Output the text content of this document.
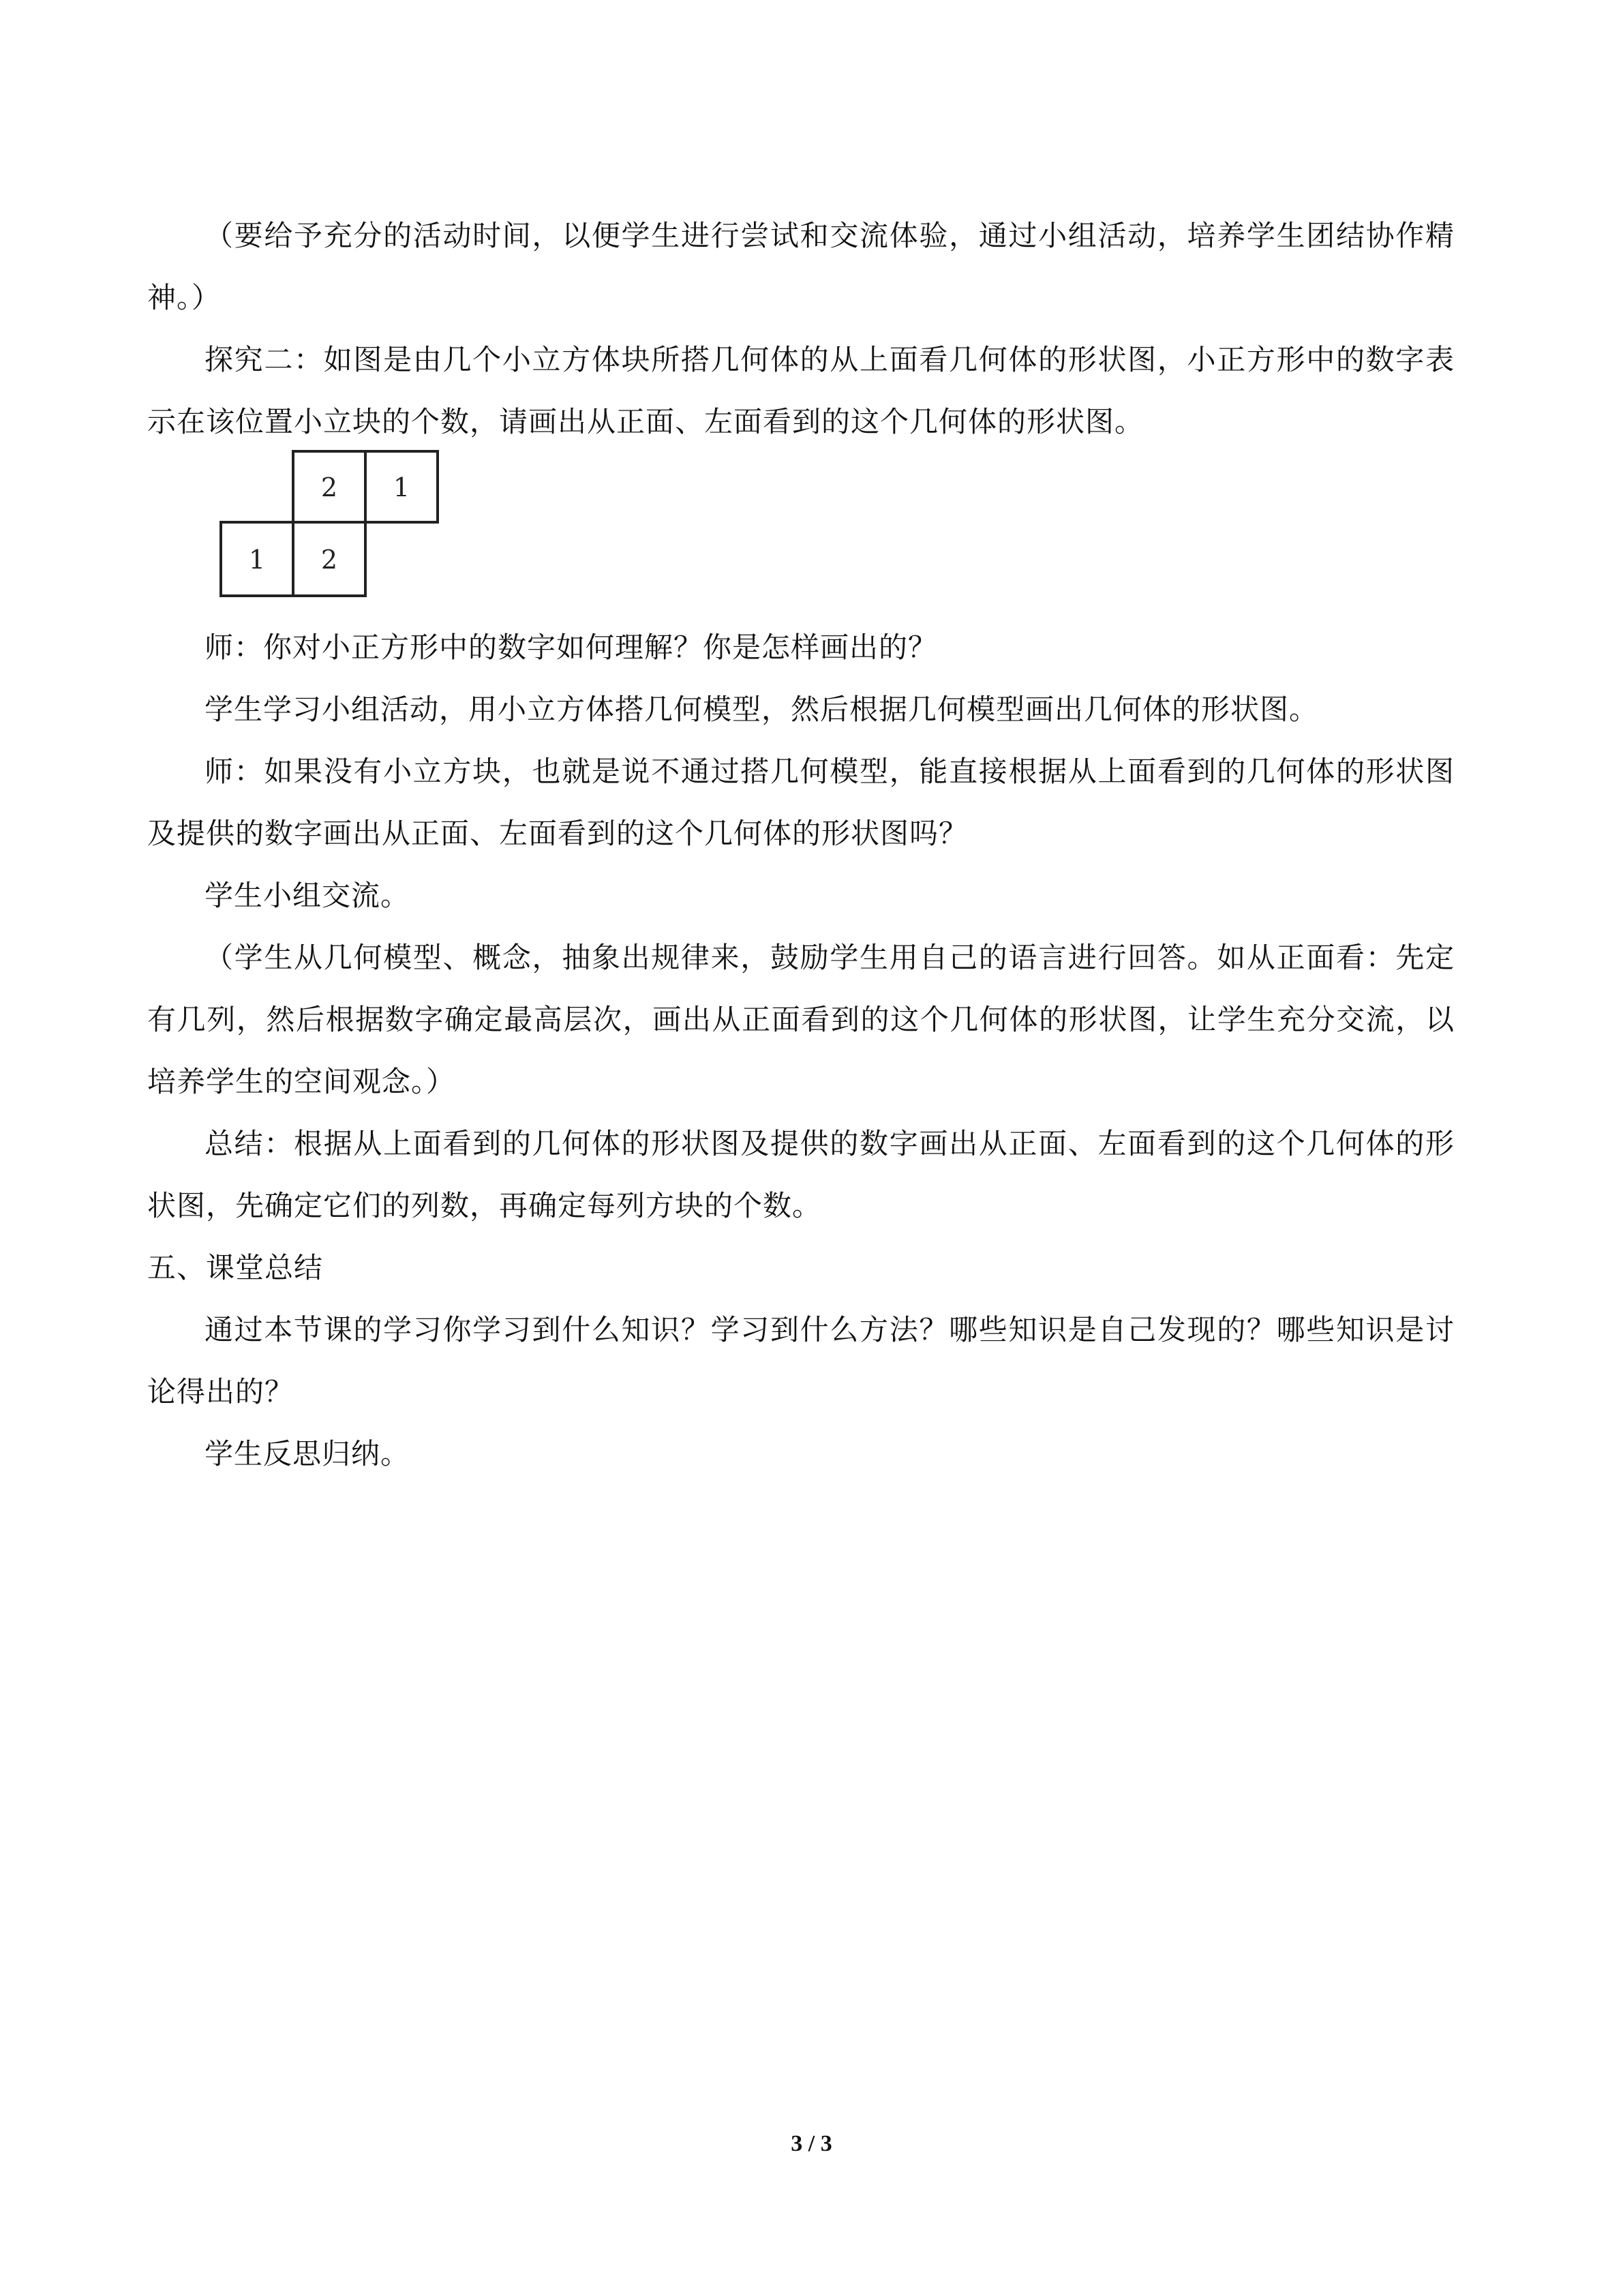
（要给予充分的活动时间，以便学生进行尝试和交流体验，通过小组活动，培养学生团结协作精神。）

探究二：如图是由几个小立方体块所搭几何体的从上面看几何体的形状图，小正方形中的数字表示在该位置小立块的个数，请画出从正面、左面看到的这个几何体的形状图。

2 1
1 2

师：你对小正方形中的数字如何理解？你是怎样画出的？

学生学习小组活动，用小立方体搭几何模型，然后根据几何模型画出几何体的形状图。

师：如果没有小立方块，也就是说不通过搭几何模型，能直接根据从上面看到的几何体的形状图及提供的数字画出从正面、左面看到的这个几何体的形状图吗？

学生小组交流。

（学生从几何模型、概念，抽象出规律来，鼓励学生用自己的语言进行回答。如从正面看：先定有几列，然后根据数字确定最高层次，画出从正面看到的这个几何体的形状图，让学生充分交流，以培养学生的空间观念。）

总结：根据从上面看到的几何体的形状图及提供的数字画出从正面、左面看到的这个几何体的形状图，先确定它们的列数，再确定每列方块的个数。

五、课堂总结

通过本节课的学习你学习到什么知识？学习到什么方法？哪些知识是自己发现的？哪些知识是讨论得出的？

学生反思归纳。

3 / 3
